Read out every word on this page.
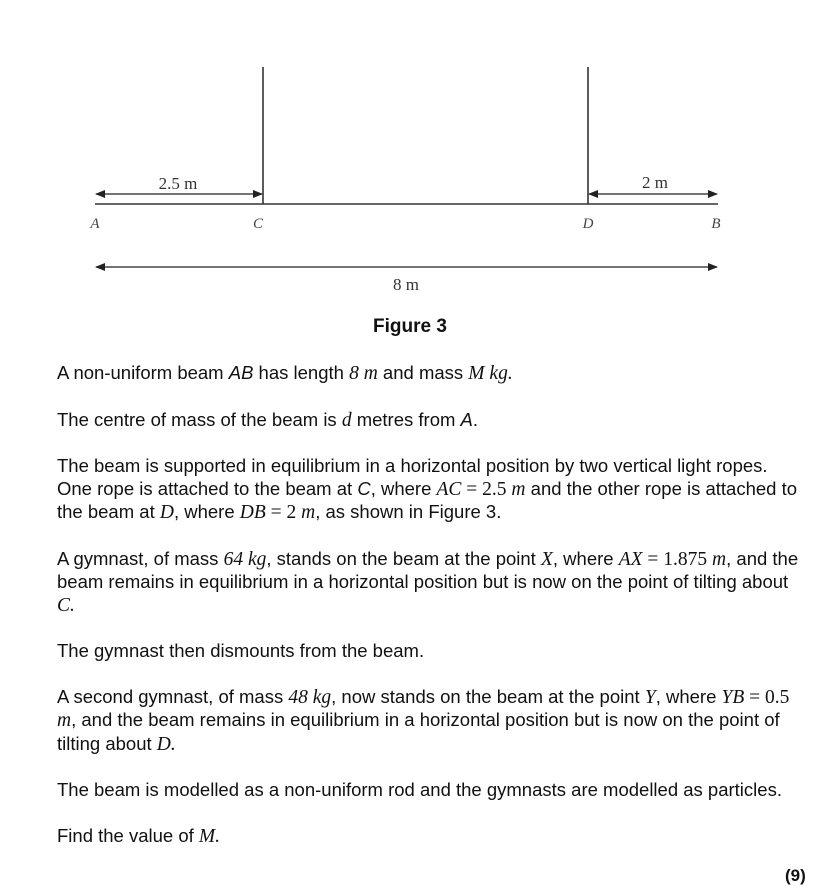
2.5 m	2 m
A	C	D	B
8 m
Figure 3

A non-uniform beam AB has length 8 m and mass M kg.

The centre of mass of the beam is d metres from A.

The beam is supported in equilibrium in a horizontal position by two vertical light ropes. One rope is attached to the beam at C, where AC = 2.5 m and the other rope is attached to the beam at D, where DB = 2 m, as shown in Figure 3.

A gymnast, of mass 64 kg, stands on the beam at the point X, where AX = 1.875 m, and the beam remains in equilibrium in a horizontal position but is now on the point of tilting about C.

The gymnast then dismounts from the beam.

A second gymnast, of mass 48 kg, now stands on the beam at the point Y, where YB = 0.5 m, and the beam remains in equilibrium in a horizontal position but is now on the point of tilting about D.

The beam is modelled as a non-uniform rod and the gymnasts are modelled as particles.

Find the value of M.

(9)
